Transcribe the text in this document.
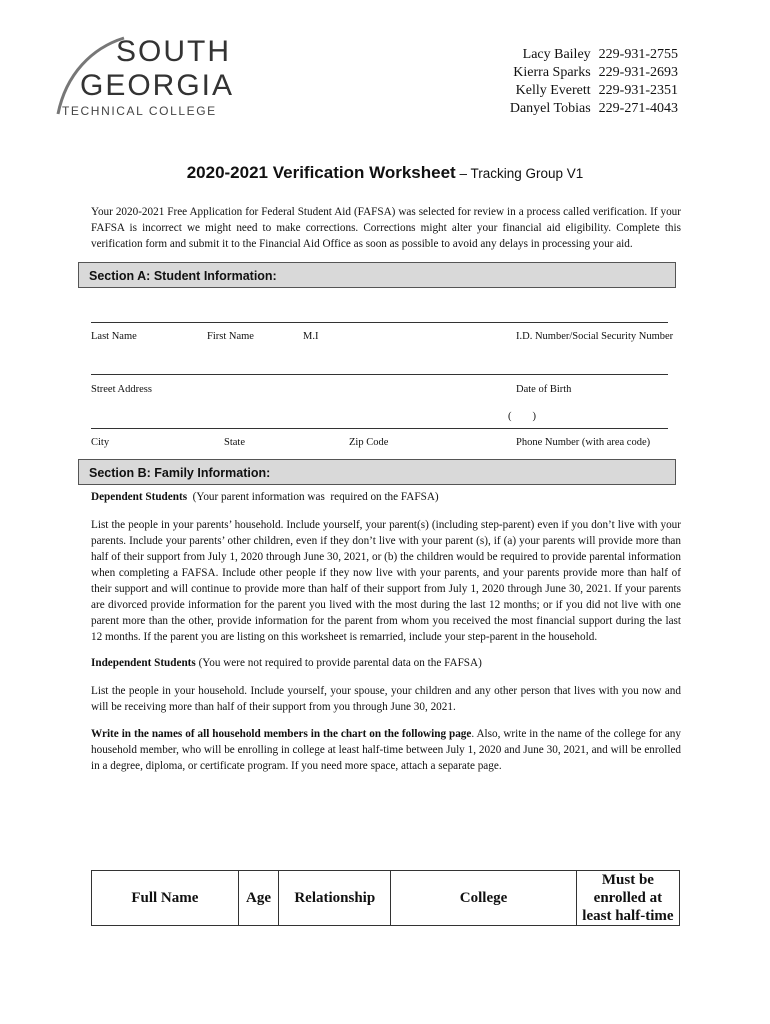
SOUTH
GEORGIA
TECHNICAL COLLEGE
Lacy Bailey	229-931-2755
Kierra Sparks	229-931-2693
Kelly Everett	229-931-2351
Danyel Tobias	229-271-4043
2020-2021 Verification Worksheet – Tracking Group V1
Your 2020-2021 Free Application for Federal Student Aid (FAFSA) was selected for review in a process called verification. If your FAFSA is incorrect we might need to make corrections. Corrections might alter your financial aid eligibility. Complete this verification form and submit it to the Financial Aid Office as soon as possible to avoid any delays in processing your aid.
Section A: Student Information:
Last Name	First Name	M.I	I.D. Number/Social Security Number
Street Address	Date of Birth
(        )
City	State	Zip Code	Phone Number (with area code)
Section B: Family Information:
Dependent Students  (Your parent information was  required on the FAFSA)
List the people in your parents’ household. Include yourself, your parent(s) (including step-parent) even if you don’t live with your parents. Include your parents’ other children, even if they don’t live with your parent (s), if (a) your parents will provide more than half of their support from July 1, 2020 through June 30, 2021, or (b) the children would be required to provide parental information when completing a FAFSA. Include other people if they now live with your parents, and your parents provide more than half of their support and will continue to provide more than half of their support from July 1, 2020 through June 30, 2021. If your parents are divorced provide information for the parent you lived with the most during the last 12 months; or if you did not live with one parent more than the other, provide information for the parent from whom you received the most financial support during the last 12 months. If the parent you are listing on this worksheet is remarried, include your step-parent in the household.
Independent Students (You were not required to provide parental data on the FAFSA)
List the people in your household. Include yourself, your spouse, your children and any other person that lives with you now and will be receiving more than half of their support from you through June 30, 2021.
Write in the names of all household members in the chart on the following page. Also, write in the name of the college for any household member, who will be enrolling in college at least half-time between July 1, 2020 and June 30, 2021, and will be enrolled in a degree, diploma, or certificate program. If you need more space, attach a separate page.
Full Name	Age	Relationship	College	Must be enrolled at least half-time
